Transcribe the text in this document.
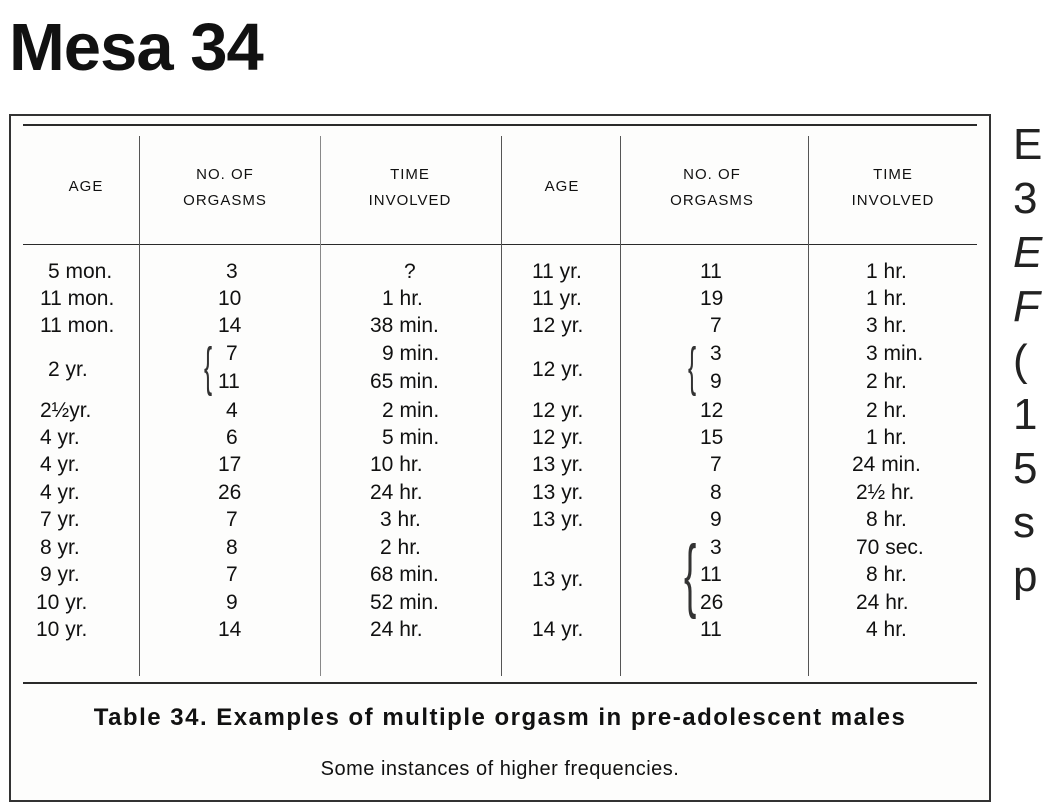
Mesa 34
AGE
NO. OF
ORGASMS
TIME
INVOLVED
AGE
NO. OF
ORGASMS
TIME
INVOLVED
5 mon.
11 mon.
11 mon.
2 yr.
2½yr.
4 yr.
4 yr.
4 yr.
7 yr.
8 yr.
9 yr.
10 yr.
10 yr.
3
10
14
{ 7
11
4
6
17
26
7
8
7
9
14
?
1 hr.
38 min.
9 min.
65 min.
2 min.
5 min.
10 hr.
24 hr.
3 hr.
2 hr.
68 min.
52 min.
24 hr.
11 yr.
11 yr.
12 yr.
12 yr.
12 yr.
12 yr.
13 yr.
13 yr.
13 yr.
13 yr.
14 yr.
11
19
7
{ 3
9
12
15
7
8
9
{ 3
11
26
11
1 hr.
1 hr.
3 hr.
3 min.
2 hr.
2 hr.
1 hr.
24 min.
2½ hr.
8 hr.
70 sec.
8 hr.
24 hr.
4 hr.
Table 34. Examples of multiple orgasm in pre-adolescent males
Some instances of higher frequencies.
E
3
E
F
(
1
5
s
p
